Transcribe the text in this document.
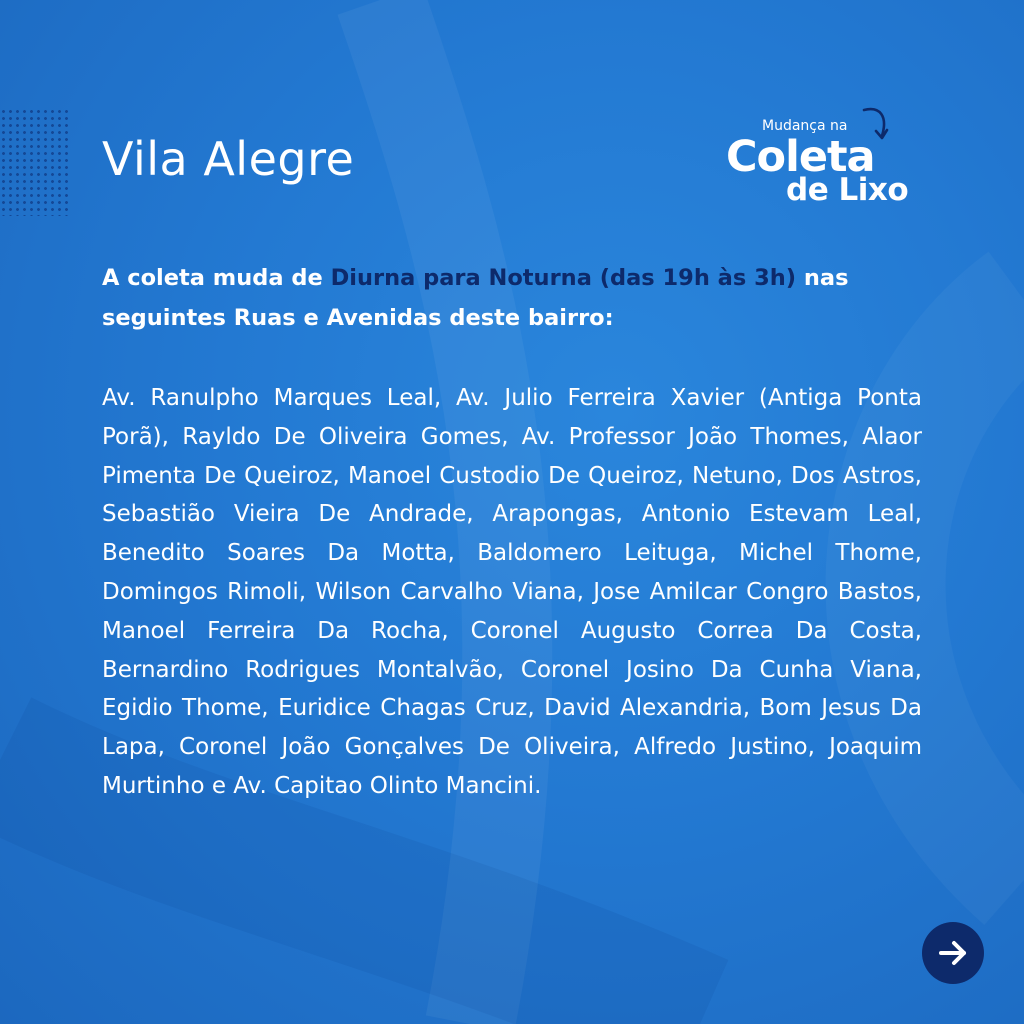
Vila Alegre
Mudança na
Coleta
de Lixo

A coleta muda de Diurna para Noturna (das 19h às 3h) nas seguintes Ruas e Avenidas deste bairro:

Av. Ranulpho Marques Leal, Av. Julio Ferreira Xavier (Antiga Ponta Porã), Rayldo De Oliveira Gomes, Av. Professor João Thomes, Alaor Pimenta De Queiroz, Manoel Custodio De Queiroz, Netuno, Dos Astros, Sebastião Vieira De Andrade, Arapongas, Antonio Estevam Leal, Benedito Soares Da Motta, Baldomero Leituga, Michel Thome, Domingos Rimoli, Wilson Carvalho Viana, Jose Amilcar Congro Bastos, Manoel Ferreira Da Rocha, Coronel Augusto Correa Da Costa, Bernardino Rodrigues Montalvão, Coronel Josino Da Cunha Viana, Egidio Thome, Euridice Chagas Cruz, David Alexandria, Bom Jesus Da Lapa, Coronel João Gonçalves De Oliveira, Alfredo Justino, Joaquim Murtinho e Av. Capitao Olinto Mancini.
